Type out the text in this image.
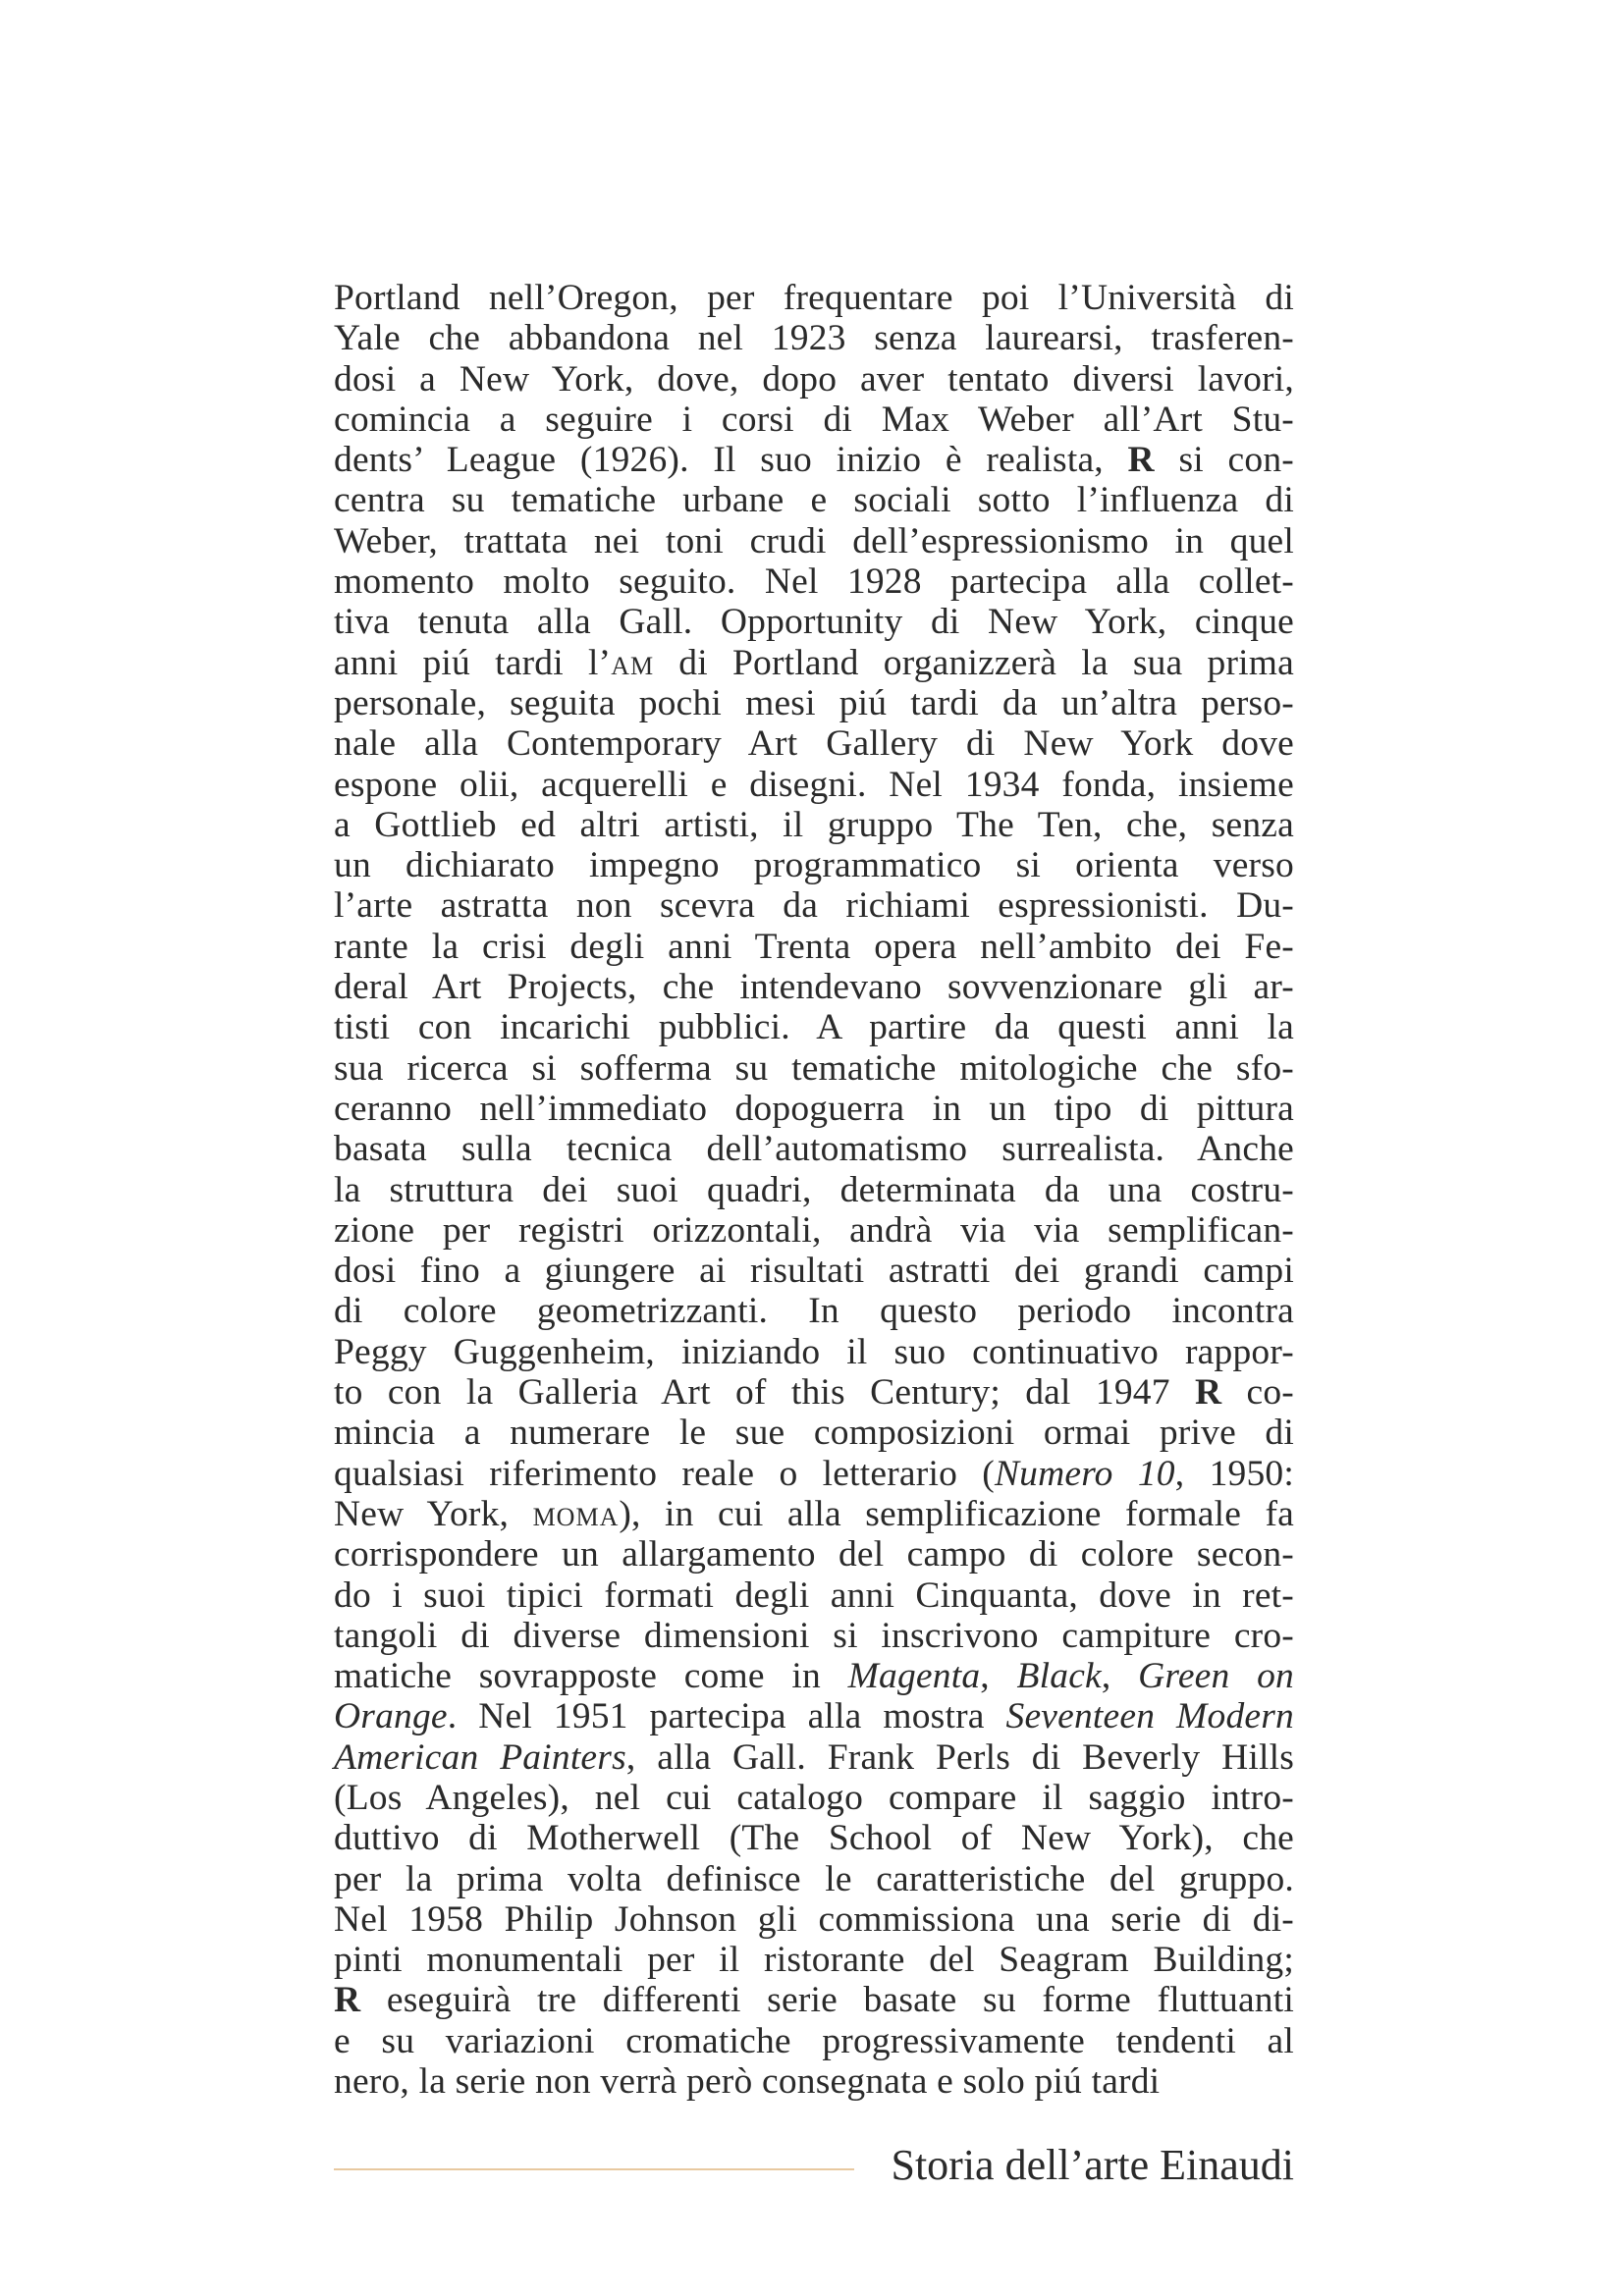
Portland nell’Oregon, per frequentare poi l’Università di
Yale che abbandona nel 1923 senza laurearsi, trasferen-
dosi a New York, dove, dopo aver tentato diversi lavori,
comincia a seguire i corsi di Max Weber all’Art Stu-
dents’ League (1926). Il suo inizio è realista, R si con-
centra su tematiche urbane e sociali sotto l’influenza di
Weber, trattata nei toni crudi dell’espressionismo in quel
momento molto seguito. Nel 1928 partecipa alla collet-
tiva tenuta alla Gall. Opportunity di New York, cinque
anni piú tardi l’am di Portland organizzerà la sua prima
personale, seguita pochi mesi piú tardi da un’altra perso-
nale alla Contemporary Art Gallery di New York dove
espone olii, acquerelli e disegni. Nel 1934 fonda, insieme
a Gottlieb ed altri artisti, il gruppo The Ten, che, senza
un dichiarato impegno programmatico si orienta verso
l’arte astratta non scevra da richiami espressionisti. Du-
rante la crisi degli anni Trenta opera nell’ambito dei Fe-
deral Art Projects, che intendevano sovvenzionare gli ar-
tisti con incarichi pubblici. A partire da questi anni la
sua ricerca si sofferma su tematiche mitologiche che sfo-
ceranno nell’immediato dopoguerra in un tipo di pittura
basata sulla tecnica dell’automatismo surrealista. Anche
la struttura dei suoi quadri, determinata da una costru-
zione per registri orizzontali, andrà via via semplifican-
dosi fino a giungere ai risultati astratti dei grandi campi
di colore geometrizzanti. In questo periodo incontra
Peggy Guggenheim, iniziando il suo continuativo rappor-
to con la Galleria Art of this Century; dal 1947 R co-
mincia a numerare le sue composizioni ormai prive di
qualsiasi riferimento reale o letterario (Numero 10, 1950:
New York, moma), in cui alla semplificazione formale fa
corrispondere un allargamento del campo di colore secon-
do i suoi tipici formati degli anni Cinquanta, dove in ret-
tangoli di diverse dimensioni si inscrivono campiture cro-
matiche sovrapposte come in Magenta, Black, Green on
Orange. Nel 1951 partecipa alla mostra Seventeen Modern
American Painters, alla Gall. Frank Perls di Beverly Hills
(Los Angeles), nel cui catalogo compare il saggio intro-
duttivo di Motherwell (The School of New York), che
per la prima volta definisce le caratteristiche del gruppo.
Nel 1958 Philip Johnson gli commissiona una serie di di-
pinti monumentali per il ristorante del Seagram Building;
R eseguirà tre differenti serie basate su forme fluttuanti
e su variazioni cromatiche progressivamente tendenti al
nero, la serie non verrà però consegnata e solo piú tardi
Storia dell’arte Einaudi
